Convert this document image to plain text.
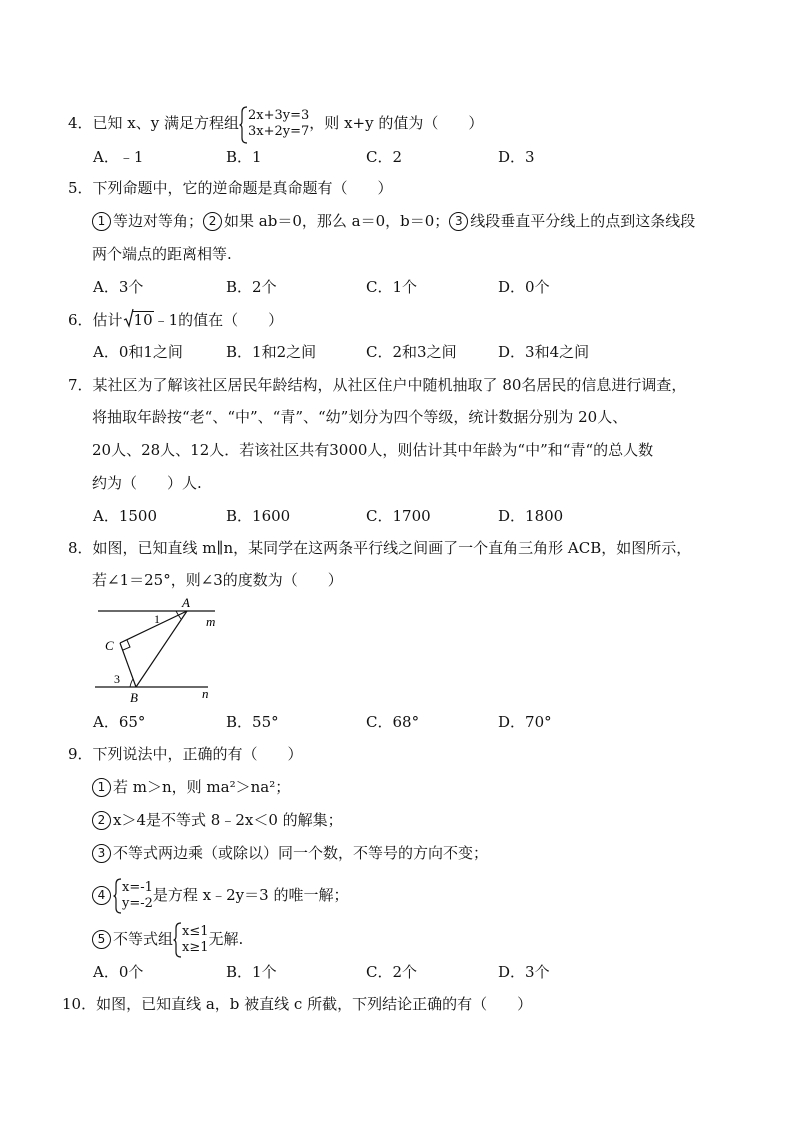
4．已知 x、y 满足方程组 2x+3y=3
3x+2y=7 ，则 x+y 的值为（　　）
A．﹣1	B．1	C．2	D．3
5．下列命题中，它的逆命题是真命题有（　　）
1 等边对等角； 2 如果 ab＝0，那么 a＝0，b＝0； 3 线段垂直平分线上的点到这条线段
两个端点的距离相等.
A．3个	B．2个	C．1个	D．0个
6．估计 10﹣1的值在（　　）
A．0和1之间	B．1和2之间	C．2和3之间	D．3和4之间
7．某社区为了解该社区居民年龄结构，从社区住户中随机抽取了 80名居民的信息进行调查，
将抽取年龄按“老“、“中”、“青”、“幼”划分为四个等级，统计数据分别为 20人、
20人、28人、12人．若该社区共有3000人，则估计其中年龄为“中”和“青“的总人数
约为（　　）人.
A．1500	B．1600	C．1700	D．1800
8．如图，已知直线 m∥n，某同学在这两条平行线之间画了一个直角三角形 ACB，如图所示，
若∠1＝25°，则∠3的度数为（　　）
A
m
1
C
3
B	n
A．65°	B．55°	C．68°	D．70°
9．下列说法中，正确的有（　　）
1 若 m＞n，则 ma²＞na²；
2 x＞4是不等式 8﹣2x＜0 的解集；
3 不等式两边乘（或除以）同一个数，不等号的方向不变；
4 x=-1
y=-2 是方程 x﹣2y＝3 的唯一解；
5 不等式组 x≤1
x≥1 无解.
A．0个	B．1个	C．2个	D．3个
10．如图，已知直线 a，b 被直线 c 所截，下列结论正确的有（　　）
